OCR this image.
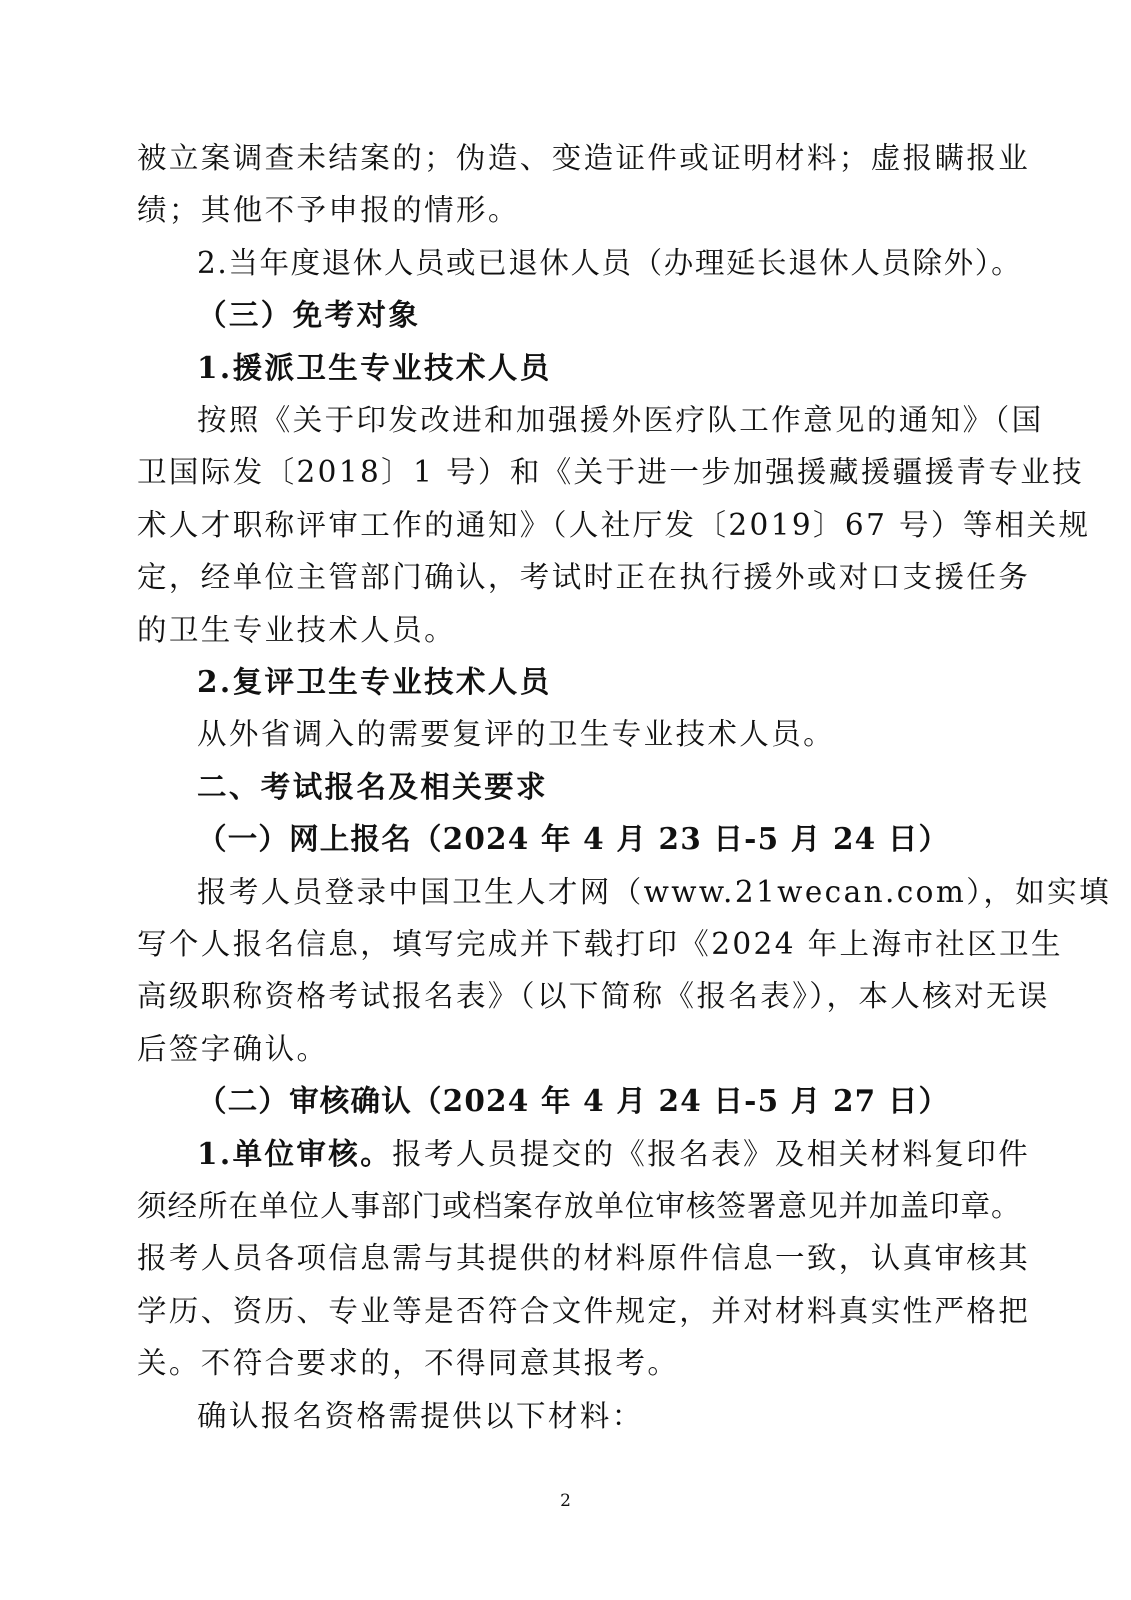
被立案调查未结案的；伪造、变造证件或证明材料；虚报瞒报业
绩；其他不予申报的情形。
2.当年度退休人员或已退休人员（办理延长退休人员除外）。
（三）免考对象
1.援派卫生专业技术人员
按照《关于印发改进和加强援外医疗队工作意见的通知》（国
卫国际发〔2018〕1 号）和《关于进一步加强援藏援疆援青专业技
术人才职称评审工作的通知》（人社厅发〔2019〕67 号）等相关规
定，经单位主管部门确认，考试时正在执行援外或对口支援任务
的卫生专业技术人员。
2.复评卫生专业技术人员
从外省调入的需要复评的卫生专业技术人员。
二、考试报名及相关要求
（一）网上报名（2024 年 4 月 23 日-5 月 24 日）
报考人员登录中国卫生人才网（www.21wecan.com），如实填
写个人报名信息，填写完成并下载打印《2024 年上海市社区卫生
高级职称资格考试报名表》（以下简称《报名表》），本人核对无误
后签字确认。
（二）审核确认（2024 年 4 月 24 日-5 月 27 日）
1.单位审核。 报考人员提交的《报名表》及相关材料复印件
须经所在单位人事部门或档案存放单位审核签署意见并加盖印章。
报考人员各项信息需与其提供的材料原件信息一致，认真审核其
学历、资历、专业等是否符合文件规定，并对材料真实性严格把
关。不符合要求的，不得同意其报考。
确认报名资格需提供以下材料：
2
